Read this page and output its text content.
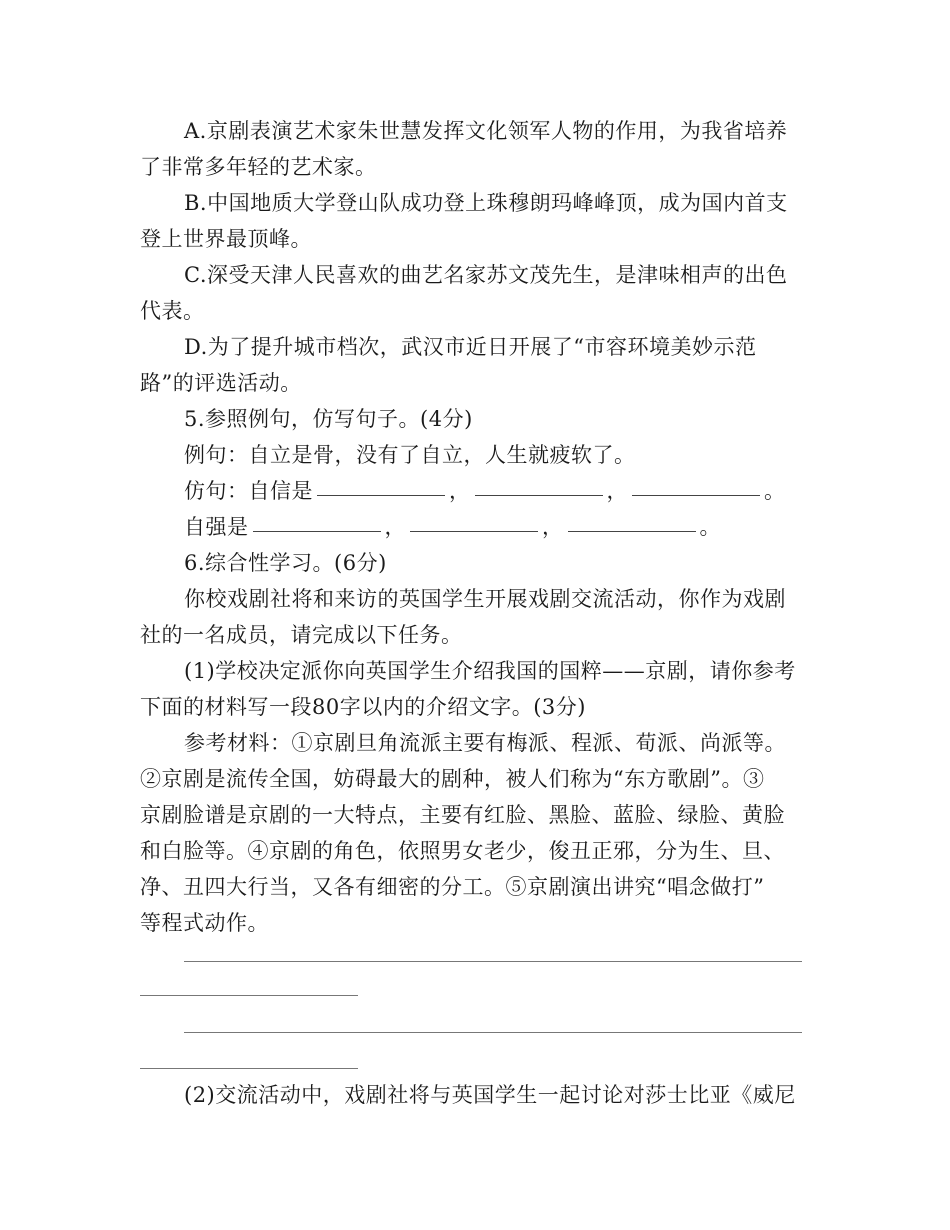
A.京剧表演艺术家朱世慧发挥文化领军人物的作用，为我省培养
了非常多年轻的艺术家。
B.中国地质大学登山队成功登上珠穆朗玛峰峰顶，成为国内首支
登上世界最顶峰。
C.深受天津人民喜欢的曲艺名家苏文茂先生，是津味相声的出色
代表。
D.为了提升城市档次，武汉市近日开展了“市容环境美妙示范
路”的评选活动。
5.参照例句，仿写句子。(4分)
例句：自立是骨，没有了自立，人生就疲软了。
仿句：自信是	，	，	。
自强是	，	，	。
6.综合性学习。(6分)
你校戏剧社将和来访的英国学生开展戏剧交流活动，你作为戏剧
社的一名成员，请完成以下任务。
(1)学校决定派你向英国学生介绍我国的国粹——京剧，请你参考
下面的材料写一段80字以内的介绍文字。(3分)
参考材料：①京剧旦角流派主要有梅派、程派、荀派、尚派等。
②京剧是流传全国，妨碍最大的剧种，被人们称为“东方歌剧”。③
京剧脸谱是京剧的一大特点，主要有红脸、黑脸、蓝脸、绿脸、黄脸
和白脸等。④京剧的角色，依照男女老少，俊丑正邪，分为生、旦、
净、丑四大行当，又各有细密的分工。⑤京剧演出讲究“唱念做打”
等程式动作。
(2)交流活动中，戏剧社将与英国学生一起讨论对莎士比亚《威尼
